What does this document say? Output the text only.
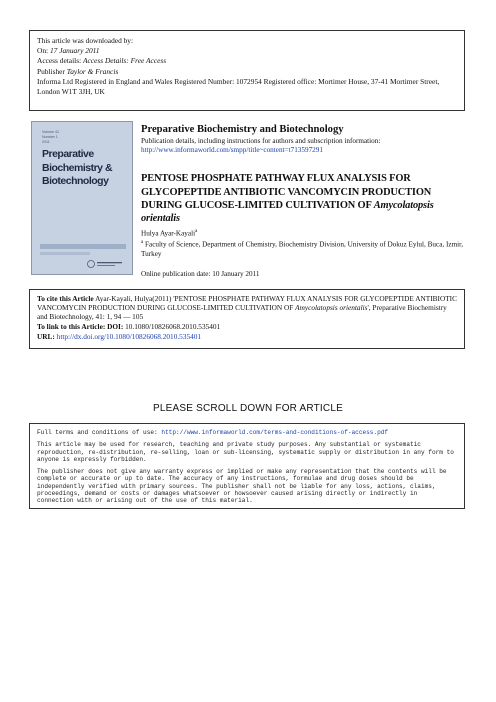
This article was downloaded by:
On: 17 January 2011
Access details: Access Details: Free Access
Publisher Taylor & Francis
Informa Ltd Registered in England and Wales Registered Number: 1072954 Registered office: Mortimer House, 37-41 Mortimer Street, London W1T 3JH, UK
Volume 41
Number 1
2011
Preparative Biochemistry & Biotechnology
Preparative Biochemistry and Biotechnology
Publication details, including instructions for authors and subscription information:
http://www.informaworld.com/smpp/title~content=t713597291
PENTOSE PHOSPHATE PATHWAY FLUX ANALYSIS FOR GLYCOPEPTIDE ANTIBIOTIC VANCOMYCIN PRODUCTION DURING GLUCOSE-LIMITED CULTIVATION OF Amycolatopsis orientalis
Hulya Ayar-Kayali$^a$
$^a$ Faculty of Science, Department of Chemistry, Biochemistry Division, University of Dokuz Eylul, Buca, Izmir, Turkey
Online publication date: 10 January 2011
To cite this Article Ayar-Kayali, Hulya(2011) 'PENTOSE PHOSPHATE PATHWAY FLUX ANALYSIS FOR GLYCOPEPTIDE ANTIBIOTIC VANCOMYCIN PRODUCTION DURING GLUCOSE-LIMITED CULTIVATION OF Amycolatopsis orientalis', Preparative Biochemistry and Biotechnology, 41: 1, 94 — 105
To link to this Article: DOI: 10.1080/10826068.2010.535401
URL: http://dx.doi.org/10.1080/10826068.2010.535401
PLEASE SCROLL DOWN FOR ARTICLE

Full terms and conditions of use: http://www.informaworld.com/terms-and-conditions-of-access.pdf

This article may be used for research, teaching and private study purposes. Any substantial or systematic reproduction, re-distribution, re-selling, loan or sub-licensing, systematic supply or distribution in any form to anyone is expressly forbidden.

The publisher does not give any warranty express or implied or make any representation that the contents will be complete or accurate or up to date. The accuracy of any instructions, formulae and drug doses should be independently verified with primary sources. The publisher shall not be liable for any loss, actions, claims, proceedings, demand or costs or damages whatsoever or howsoever caused arising directly or indirectly in connection with or arising out of the use of this material.
